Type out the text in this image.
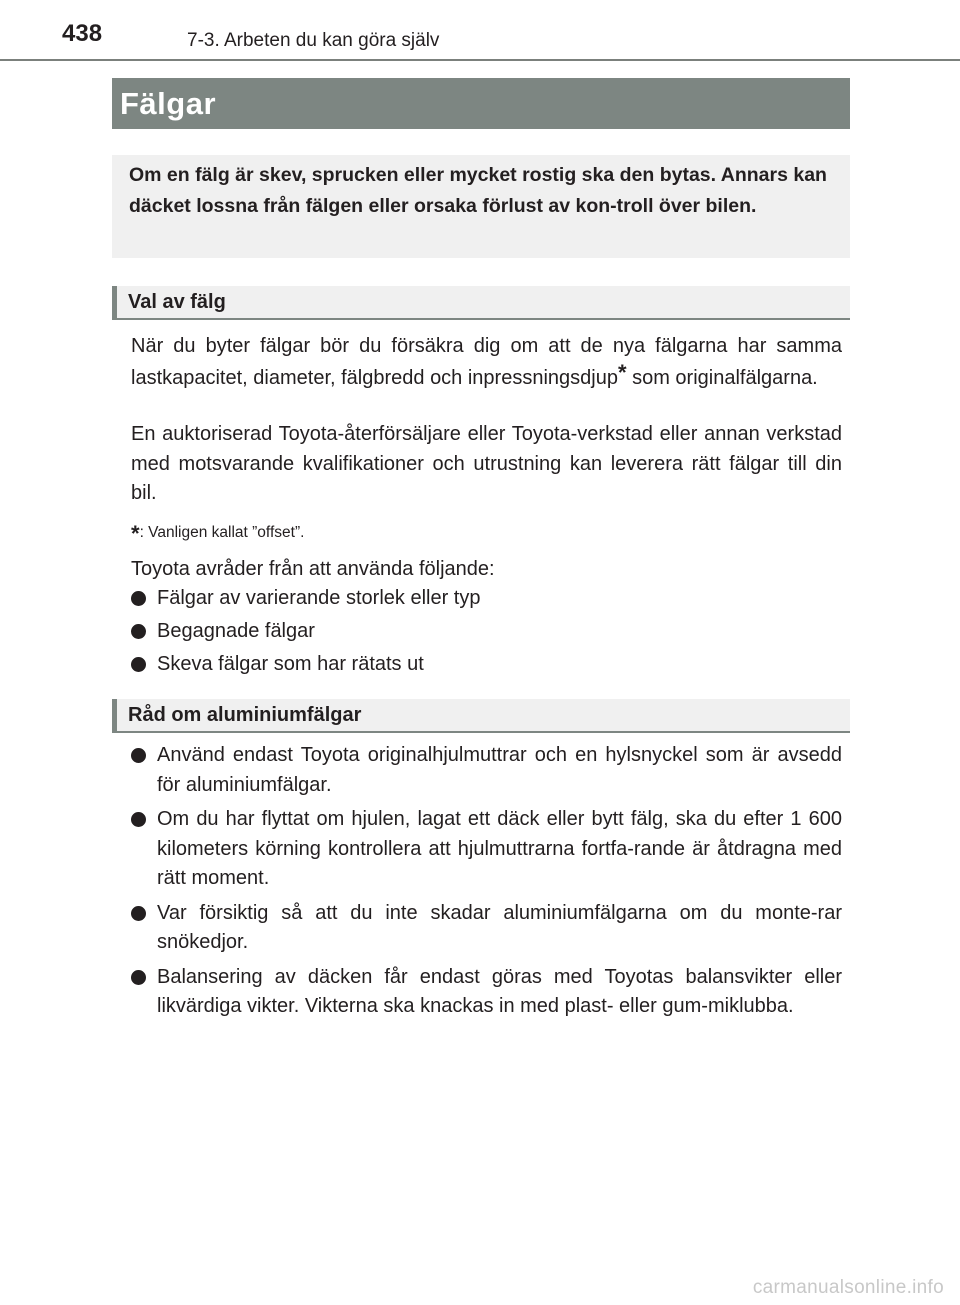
438	7-3. Arbeten du kan göra själv
Fälgar

Om en fälg är skev, sprucken eller mycket rostig ska den bytas. Annars kan däcket lossna från fälgen eller orsaka förlust av kon-troll över bilen.

Val av fälg

När du byter fälgar bör du försäkra dig om att de nya fälgarna har samma lastkapacitet, diameter, fälgbredd och inpressningsdjup* som originalfälgarna.

En auktoriserad Toyota-återförsäljare eller Toyota-verkstad eller annan verkstad med motsvarande kvalifikationer och utrustning kan leverera rätt fälgar till din bil.

*: Vanligen kallat ”offset”.

Toyota avråder från att använda följande:

Fälgar av varierande storlek eller typ
Begagnade fälgar
Skeva fälgar som har rätats ut
Råd om aluminiumfälgar
Använd endast Toyota originalhjulmuttrar och en hylsnyckel som är avsedd för aluminiumfälgar.
Om du har flyttat om hjulen, lagat ett däck eller bytt fälg, ska du efter 1 600 kilometers körning kontrollera att hjulmuttrarna fortfa-rande är åtdragna med rätt moment.
Var försiktig så att du inte skadar aluminiumfälgarna om du monte-rar snökedjor.
Balansering av däcken får endast göras med Toyotas balansvikter eller likvärdiga vikter. Vikterna ska knackas in med plast- eller gum-miklubba.
carmanualsonline.info
